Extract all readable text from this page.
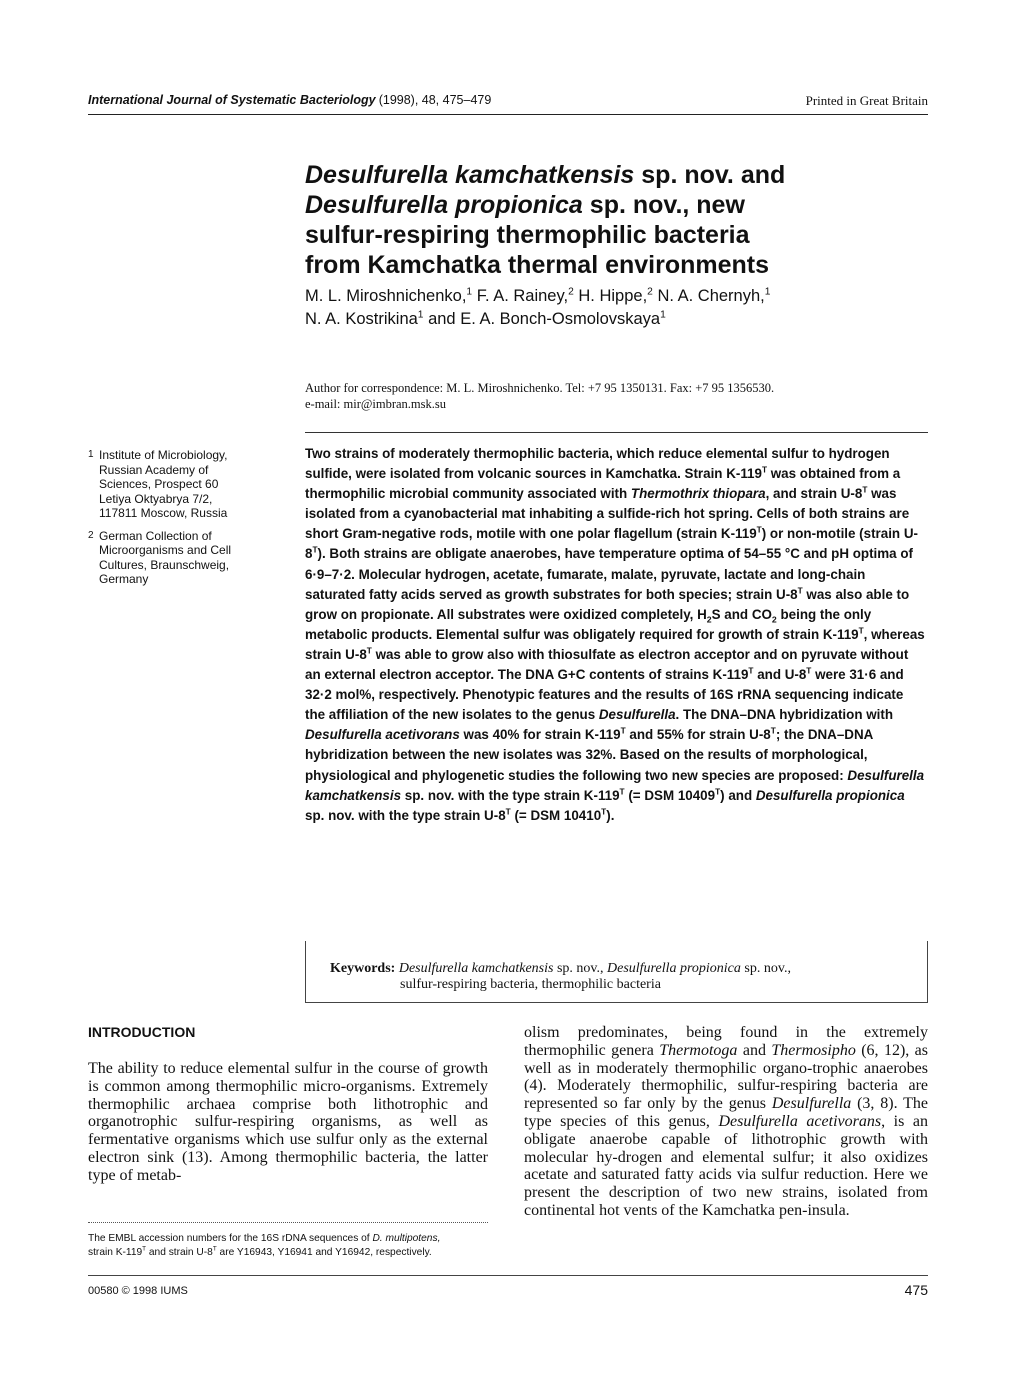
International Journal of Systematic Bacteriology (1998), 48, 475–479	Printed in Great Britain
Desulfurella kamchatkensis sp. nov. and
Desulfurella propionica sp. nov., new
sulfur-respiring thermophilic bacteria
from Kamchatka thermal environments
M. L. Miroshnichenko,$^1$ F. A. Rainey,$^2$ H. Hippe,$^2$ N. A. Chernyh,$^1$
N. A. Kostrikina$^1$ and E. A. Bonch-Osmolovskaya$^1$
Author for correspondence: M. L. Miroshnichenko. Tel: +7 95 1350131. Fax: +7 95 1356530.
e-mail: mir@imbran.msk.su
1 Institute of Microbiology,
Russian Academy of
Sciences, Prospect 60
Letiya Oktyabrya 7/2,
117811 Moscow, Russia
2 German Collection of
Microorganisms and Cell
Cultures, Braunschweig,
Germany
Two strains of moderately thermophilic bacteria, which reduce elemental sulfur to hydrogen sulfide, were isolated from volcanic sources in Kamchatka. Strain $K-119^T$ was obtained from a thermophilic microbial community associated with Thermothrix thiopara, and strain $U-8^T$ was isolated from a cyanobacterial mat inhabiting a sulfide-rich hot spring. Cells of both strains are short Gram-negative rods, motile with one polar flagellum (strain $K-119^T$) or non-motile (strain $U-8^T$). Both strains are obligate anaerobes, have temperature optima of 54–55 °C and pH optima of 6·9–7·2. Molecular hydrogen, acetate, fumarate, malate, pyruvate, lactate and long-chain saturated fatty acids served as growth substrates for both species; strain $U-8^T$ was also able to grow on propionate. All substrates were oxidized completely, $H_2S$ and $CO_2$ being the only metabolic products. Elemental sulfur was obligately required for growth of strain $K-119^T$, whereas strain $U-8^T$ was able to grow also with thiosulfate as electron acceptor and on pyruvate without an external electron acceptor. The DNA G+C contents of strains $K-119^T$ and $U-8^T$ were 31·6 and 32·2 mol%, respectively. Phenotypic features and the results of 16S rRNA sequencing indicate the affiliation of the new isolates to the genus Desulfurella. The DNA–DNA hybridization with Desulfurella acetivorans was 40% for strain $K-119^T$ and 55% for strain $U-8^T$; the DNA–DNA hybridization between the new isolates was 32%. Based on the results of morphological, physiological and phylogenetic studies the following two new species are proposed: Desulfurella kamchatkensis sp. nov. with the type strain $K-119^T$ (= DSM $10409^T$) and Desulfurella propionica sp. nov. with the type strain $U-8^T$ (= DSM $10410^T$).
Keywords: Desulfurella kamchatkensis sp. nov., Desulfurella propionica sp. nov.,
sulfur-respiring bacteria, thermophilic bacteria
INTRODUCTION
The ability to reduce elemental sulfur in the course of growth is common among thermophilic micro-organisms. Extremely thermophilic archaea comprise both lithotrophic and organotrophic sulfur-respiring organisms, as well as fermentative organisms which use sulfur only as the external electron sink (13). Among thermophilic bacteria, the latter type of metab-
olism predominates, being found in the extremely thermophilic genera Thermotoga and Thermosipho (6, 12), as well as in moderately thermophilic organo-trophic anaerobes (4). Moderately thermophilic, sulfur-respiring bacteria are represented so far only by the genus Desulfurella (3, 8). The type species of this genus, Desulfurella acetivorans, is an obligate anaerobe capable of lithotrophic growth with molecular hy-drogen and elemental sulfur; it also oxidizes acetate and saturated fatty acids via sulfur reduction. Here we present the description of two new strains, isolated from continental hot vents of the Kamchatka pen-insula.
The EMBL accession numbers for the 16S rDNA sequences of D. multipotens,
strain $K-119^T$ and strain $U-8^T$ are Y16943, Y16941 and Y16942, respectively.
00580 © 1998 IUMS	475
